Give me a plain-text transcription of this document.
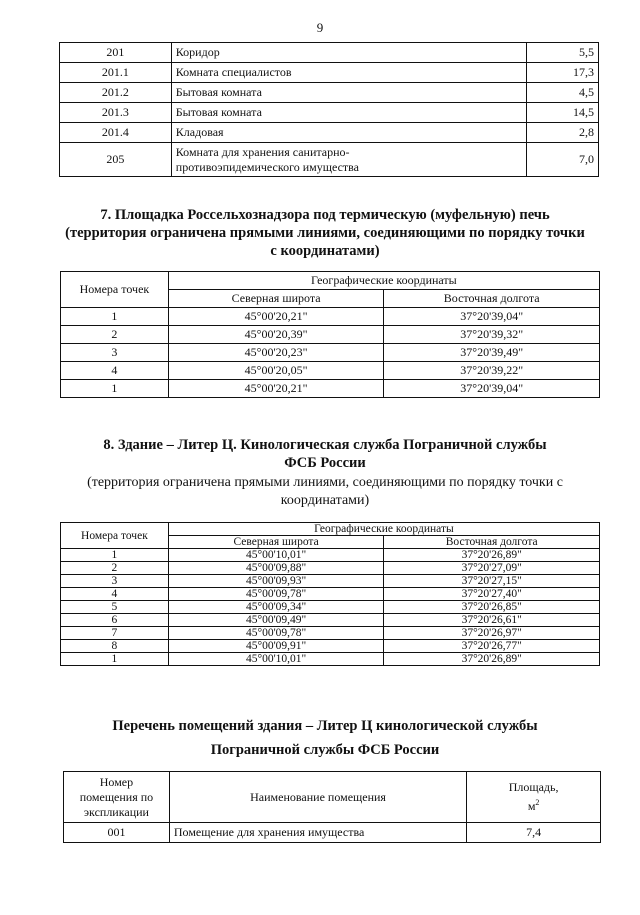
9
201	Коридор	5,5
201.1	Комната специалистов	17,3
201.2	Бытовая комната	4,5
201.3	Бытовая комната	14,5
201.4	Кладовая	2,8
205	Комната для хранения санитарно-
противоэпидемического имущества	7,0
7. Площадка Россельхознадзора под термическую (муфельную) печь
(территория ограничена прямыми линиями, соединяющими по порядку точки
с координатами)
Номера точек	Географические координаты	
	Северная широта	Восточная долгота
1	45°00'20,21"	37°20'39,04"
2	45°00'20,39"	37°20'39,32"
3	45°00'20,23"	37°20'39,49"
4	45°00'20,05"	37°20'39,22"
1	45°00'20,21"	37°20'39,04"
8. Здание – Литер Ц. Кинологическая служба Пограничной службы
ФСБ России
(территория ограничена прямыми линиями, соединяющими по порядку точки с
координатами)
Номера точек	Географические координаты	
	Северная широта	Восточная долгота
1	45°00'10,01"	37°20'26,89"
2	45°00'09,88"	37°20'27,09"
3	45°00'09,93"	37°20'27,15"
4	45°00'09,78"	37°20'27,40"
5	45°00'09,34"	37°20'26,85"
6	45°00'09,49"	37°20'26,61"
7	45°00'09,78"	37°20'26,97"
8	45°00'09,91"	37°20'26,77"
1	45°00'10,01"	37°20'26,89"
Перечень помещений здания – Литер Ц кинологической службы
Пограничной службы ФСБ России
Номер
помещения по
экспликации	Наименование помещения	Площадь,
$м^2$
001	Помещение для хранения имущества	7,4
